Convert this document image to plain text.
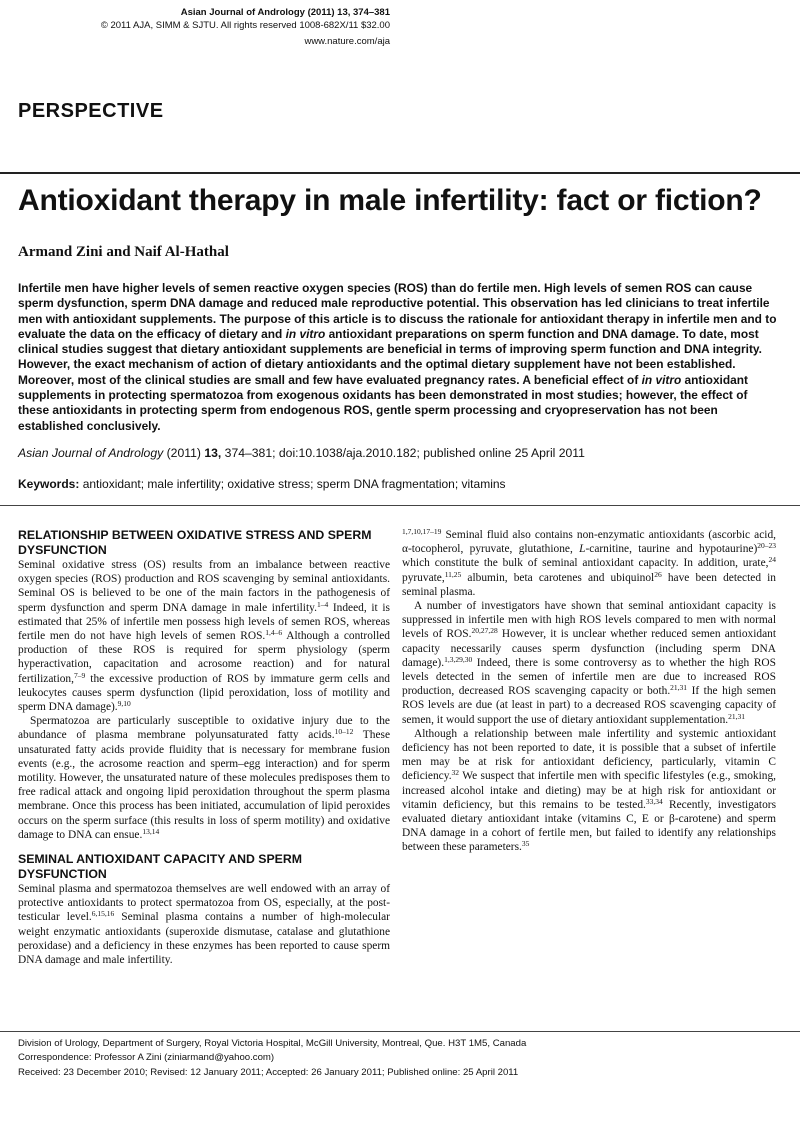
Asian Journal of Andrology (2011) 13, 374–381
© 2011 AJA, SIMM & SJTU. All rights reserved 1008-682X/11 $32.00
www.nature.com/aja
PERSPECTIVE
Antioxidant therapy in male infertility: fact or fiction?
Armand Zini and Naif Al-Hathal
Infertile men have higher levels of semen reactive oxygen species (ROS) than do fertile men. High levels of semen ROS can cause sperm dysfunction, sperm DNA damage and reduced male reproductive potential. This observation has led clinicians to treat infertile men with antioxidant supplements. The purpose of this article is to discuss the rationale for antioxidant therapy in infertile men and to evaluate the data on the efficacy of dietary and in vitro antioxidant preparations on sperm function and DNA damage. To date, most clinical studies suggest that dietary antioxidant supplements are beneficial in terms of improving sperm function and DNA integrity. However, the exact mechanism of action of dietary antioxidants and the optimal dietary supplement have not been established. Moreover, most of the clinical studies are small and few have evaluated pregnancy rates. A beneficial effect of in vitro antioxidant supplements in protecting spermatozoa from exogenous oxidants has been demonstrated in most studies; however, the effect of these antioxidants in protecting sperm from endogenous ROS, gentle sperm processing and cryopreservation has not been established conclusively.
Asian Journal of Andrology (2011) 13, 374–381; doi:10.1038/aja.2010.182; published online 25 April 2011
Keywords: antioxidant; male infertility; oxidative stress; sperm DNA fragmentation; vitamins
RELATIONSHIP BETWEEN OXIDATIVE STRESS AND SPERM DYSFUNCTION

Seminal oxidative stress (OS) results from an imbalance between reactive oxygen species (ROS) production and ROS scavenging by seminal antioxidants. Seminal OS is believed to be one of the main factors in the pathogenesis of sperm dysfunction and sperm DNA damage in male infertility.$^{1-4}$ Indeed, it is estimated that 25% of infertile men possess high levels of semen ROS, whereas fertile men do not have high levels of semen ROS.$^{1,4-6}$ Although a controlled production of these ROS is required for sperm physiology (sperm hyperactivation, capacitation and acrosome reaction) and for natural fertilization,$^{7-9}$ the excessive production of ROS by immature germ cells and leukocytes causes sperm dysfunction (lipid peroxidation, loss of motility and sperm DNA damage).$^{9,10}$

Spermatozoa are particularly susceptible to oxidative injury due to the abundance of plasma membrane polyunsaturated fatty acids.$^{10-12}$ These unsaturated fatty acids provide fluidity that is necessary for membrane fusion events (e.g., the acrosome reaction and sperm–egg interaction) and for sperm motility. However, the unsaturated nature of these molecules predisposes them to free radical attack and ongoing lipid peroxidation throughout the sperm plasma membrane. Once this process has been initiated, accumulation of lipid peroxides occurs on the sperm surface (this results in loss of sperm motility) and oxidative damage to DNA can ensue.$^{13,14}$

SEMINAL ANTIOXIDANT CAPACITY AND SPERM DYSFUNCTION

Seminal plasma and spermatozoa themselves are well endowed with an array of protective antioxidants to protect spermatozoa from OS, especially, at the post-testicular level.$^{6,15,16}$ Seminal plasma contains a number of high-molecular weight enzymatic antioxidants (superoxide dismutase, catalase and glutathione peroxidase) and a deficiency in these enzymes has been reported to cause sperm DNA damage and male infertility.

$^{1,7,10,17-19}$ Seminal fluid also contains non-enzymatic antioxidants (ascorbic acid, α-tocopherol, pyruvate, glutathione, L-carnitine, taurine and hypotaurine)$^{20-23}$ which constitute the bulk of seminal antioxidant capacity. In addition, urate,$^{24}$ pyruvate,$^{11,25}$ albumin, beta carotenes and ubiquinol$^{26}$ have been detected in seminal plasma.

A number of investigators have shown that seminal antioxidant capacity is suppressed in infertile men with high ROS levels compared to men with normal levels of ROS.$^{20,27,28}$ However, it is unclear whether reduced semen antioxidant capacity necessarily causes sperm dysfunction (including sperm DNA damage).$^{1,3,29,30}$ Indeed, there is some controversy as to whether the high ROS levels detected in the semen of infertile men are due to increased ROS production, decreased ROS scavenging capacity or both.$^{21,31}$ If the high semen ROS levels are due (at least in part) to a decreased ROS scavenging capacity of semen, it would support the use of dietary antioxidant supplementation.$^{21,31}$

Although a relationship between male infertility and systemic antioxidant deficiency has not been reported to date, it is possible that a subset of infertile men may be at risk for antioxidant deficiency, particularly, vitamin C deficiency.$^{32}$ We suspect that infertile men with specific lifestyles (e.g., smoking, increased alcohol intake and dieting) may be at high risk for antioxidant or vitamin deficiency, but this remains to be tested.$^{33,34}$ Recently, investigators evaluated dietary antioxidant intake (vitamins C, E or β-carotene) and sperm DNA damage in a cohort of fertile men, but failed to identify any relationships between these parameters.$^{35}$

Division of Urology, Department of Surgery, Royal Victoria Hospital, McGill University, Montreal, Que. H3T 1M5, Canada
Correspondence: Professor A Zini (ziniarmand@yahoo.com)
Received: 23 December 2010; Revised: 12 January 2011; Accepted: 26 January 2011; Published online: 25 April 2011
